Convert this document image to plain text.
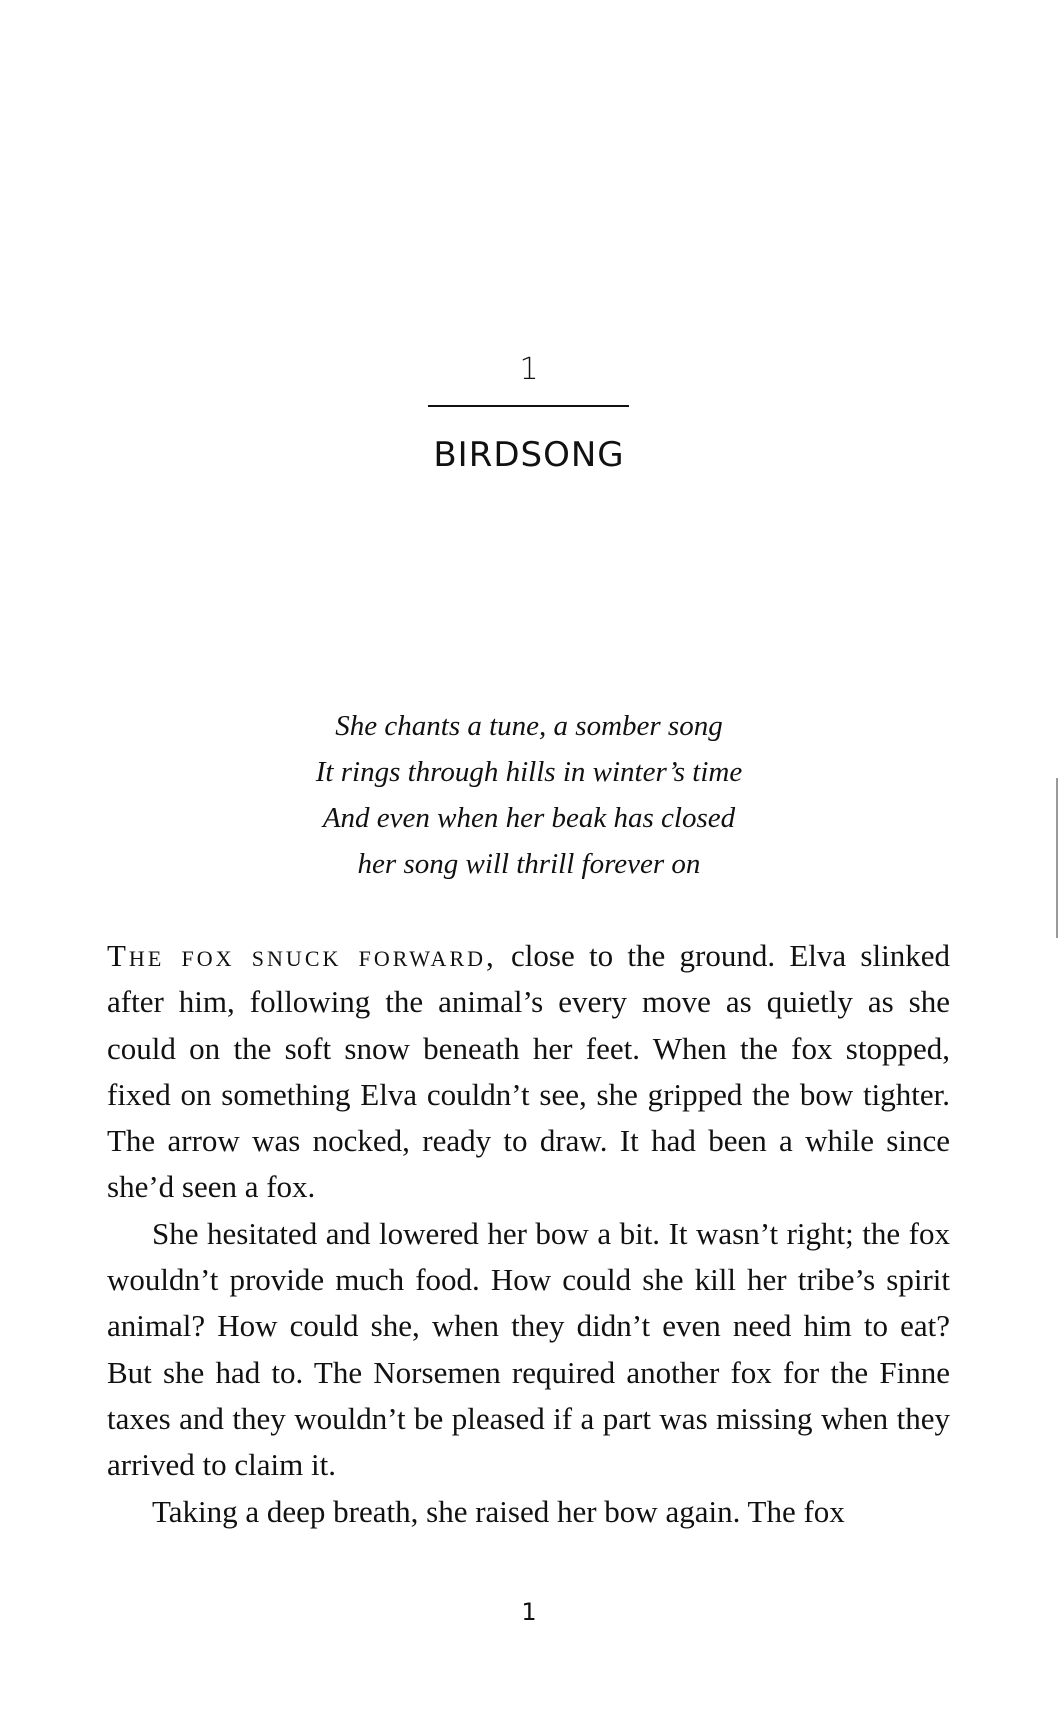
1
BIRDSONG
She chants a tune, a somber song
It rings through hills in winter’s time
And even when her beak has closed
her song will thrill forever on

The fox snuck forward, close to the ground. Elva slinked after him, following the animal’s every move as quietly as she could on the soft snow beneath her feet. When the fox stopped, fixed on something Elva couldn’t see, she gripped the bow tighter. The arrow was nocked, ready to draw. It had been a while since she’d seen a fox.

She hesitated and lowered her bow a bit. It wasn’t right; the fox wouldn’t provide much food. How could she kill her tribe’s spirit animal? How could she, when they didn’t even need him to eat? But she had to. The Norsemen required another fox for the Finne taxes and they wouldn’t be pleased if a part was missing when they arrived to claim it.

Taking a deep breath, she raised her bow again. The fox

1
